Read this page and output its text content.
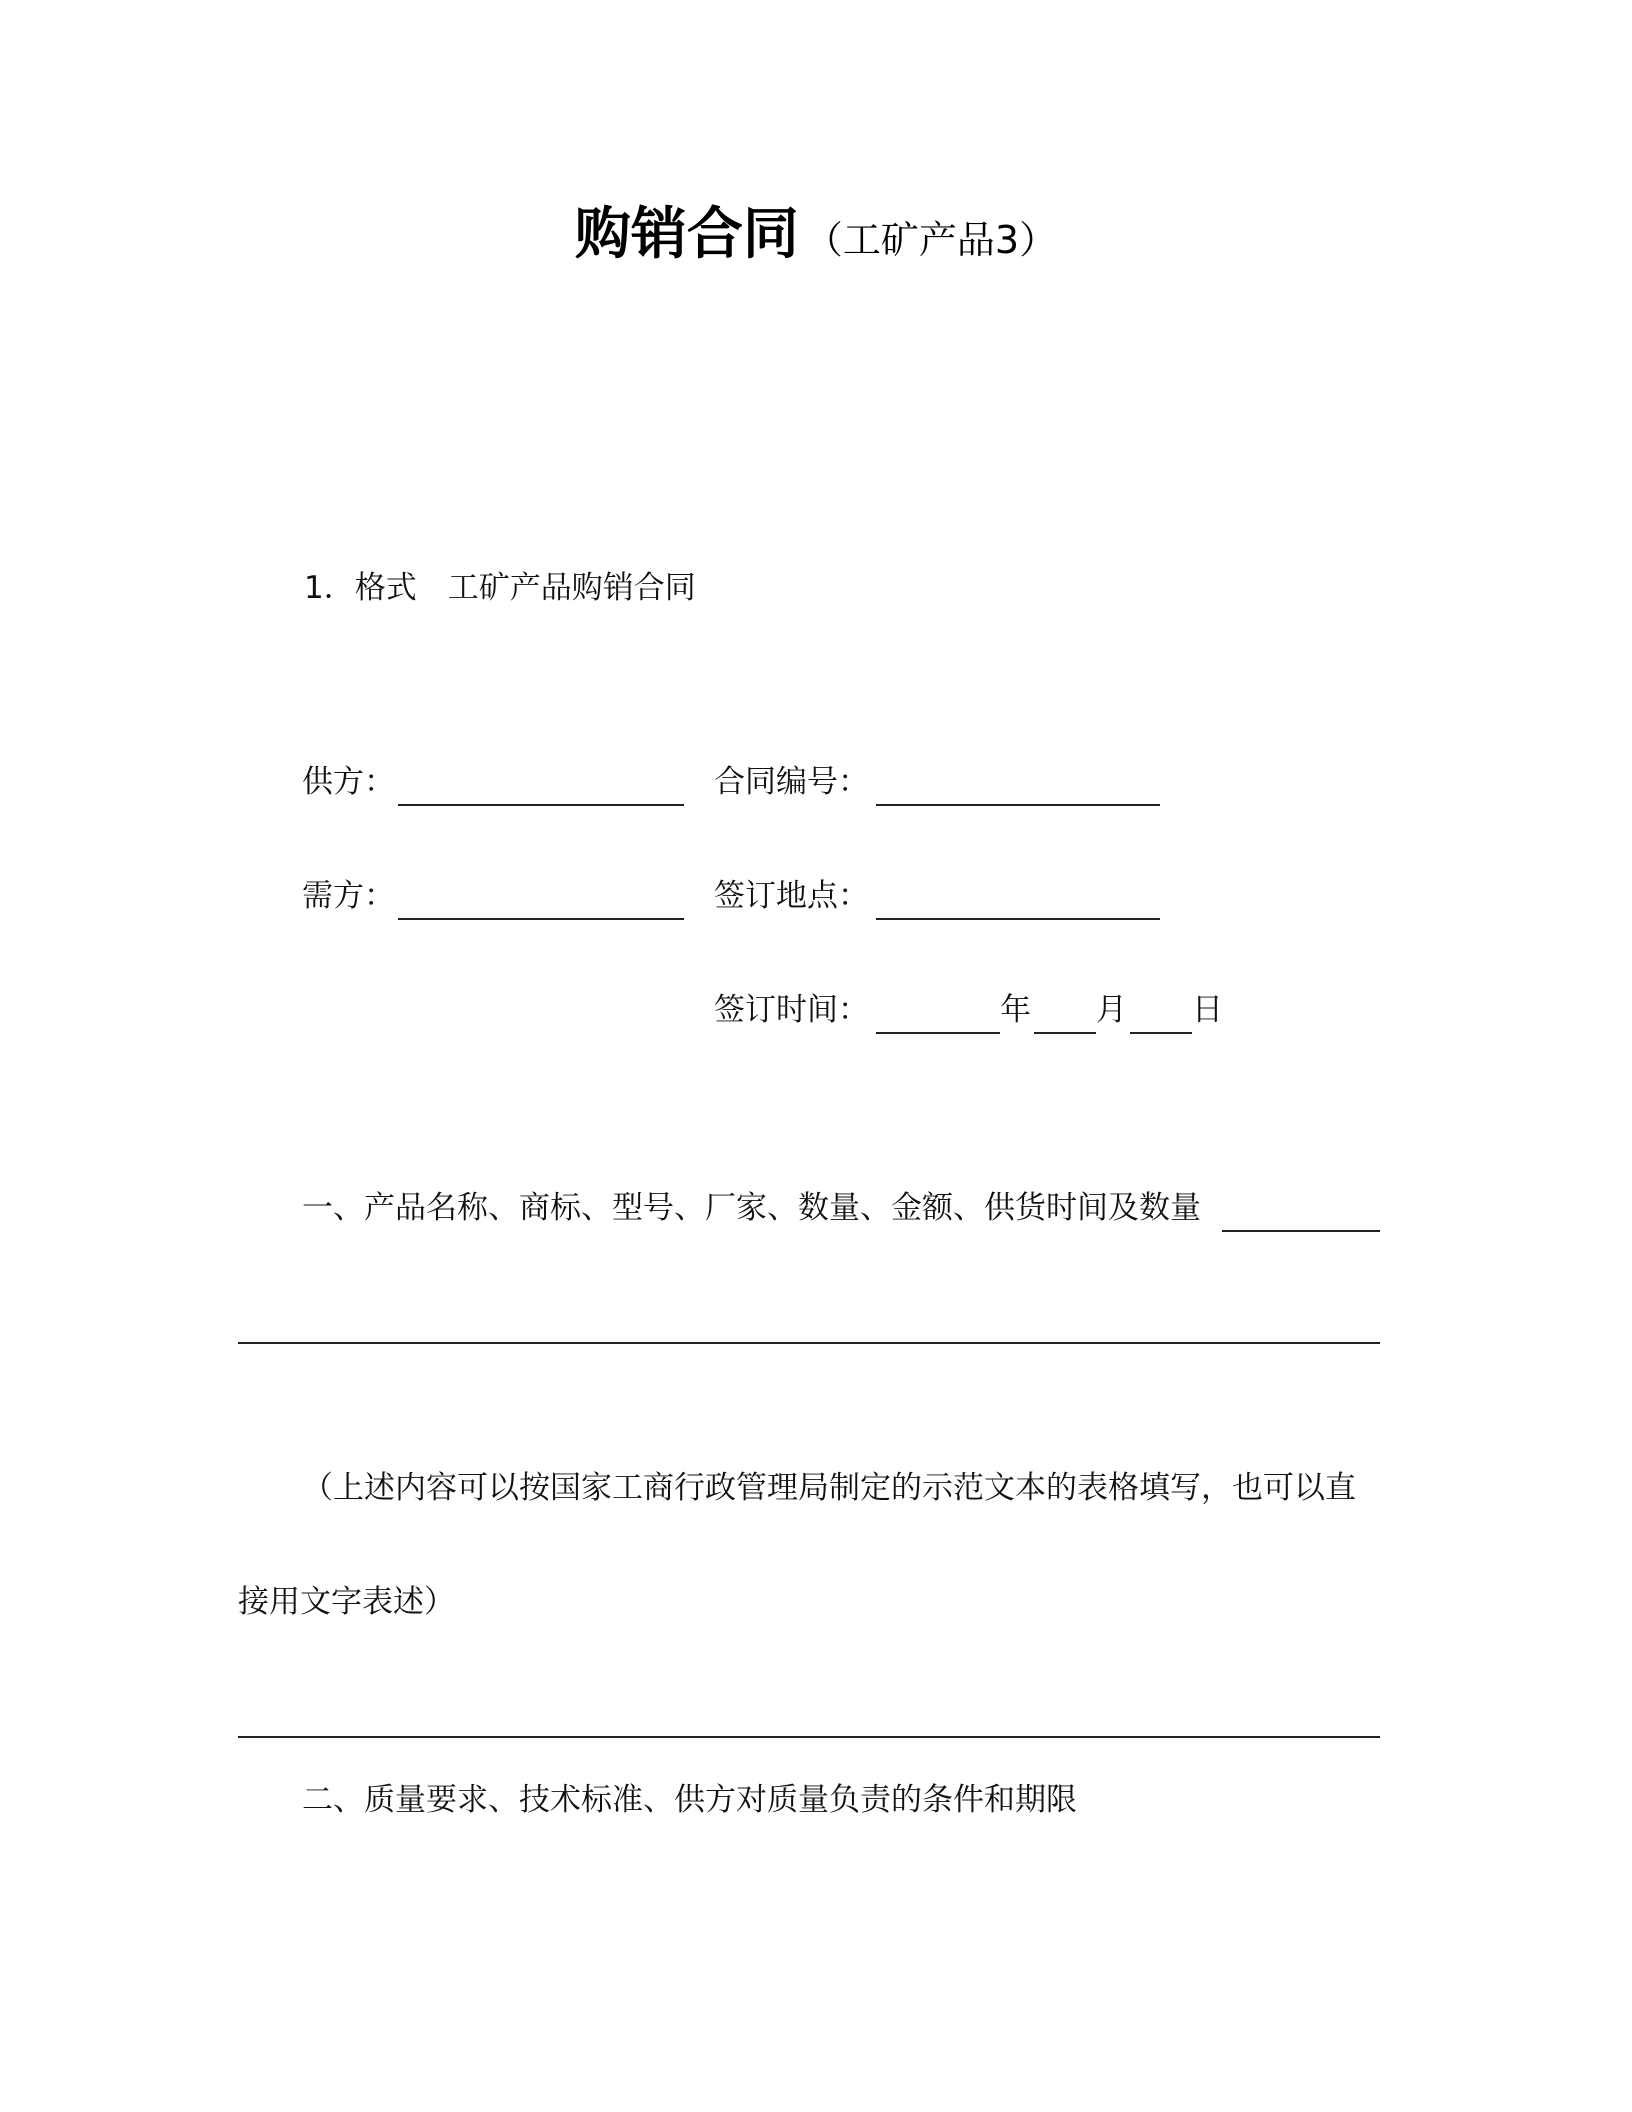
购销合同 （工矿产品3）
1．格式　工矿产品购销合同
供方：	合同编号：
需方：	签订地点：
签订时间：	年 月 日
一、产品名称、商标、型号、厂家、数量、金额、供货时间及数量
（上述内容可以按国家工商行政管理局制定的示范文本的表格填写，也可以直
接用文字表述）
二、质量要求、技术标准、供方对质量负责的条件和期限
